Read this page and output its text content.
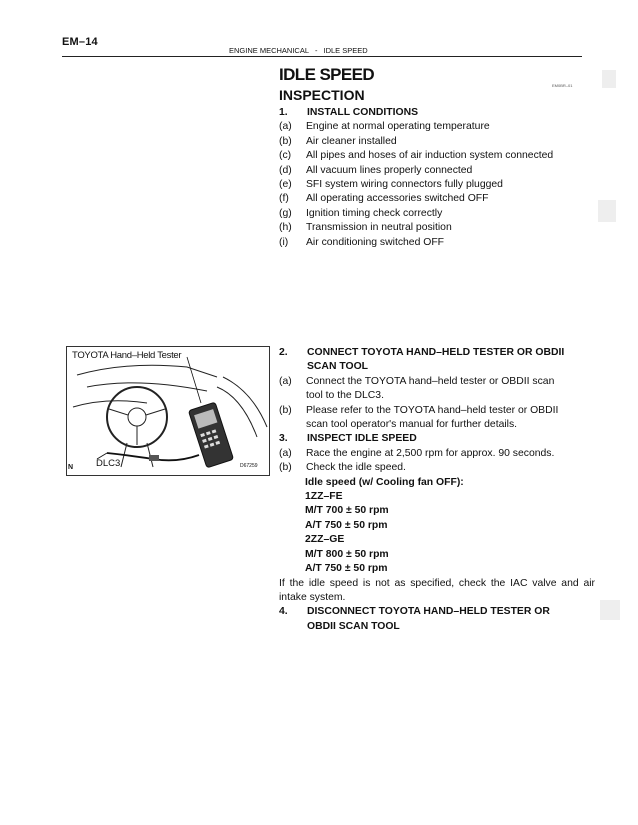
EM–14
ENGINE MECHANICAL - IDLE SPEED
IDLE SPEED
EM0BR–01
INSPECTION
1.	INSTALL CONDITIONS
(a)	Engine at normal operating temperature
(b)	Air cleaner installed
(c)	All pipes and hoses of air induction system connected
(d)	All vacuum lines properly connected
(e)	SFI system wiring connectors fully plugged
(f)	All operating accessories switched OFF
(g)	Ignition timing check correctly
(h)	Transmission in neutral position
(i)	Air conditioning switched OFF
TOYOTA Hand–Held Tester
DLC3
N	D67259
2.	CONNECT TOYOTA HAND–HELD TESTER OR OBDII
SCAN TOOL
(a)	Connect the TOYOTA hand–held tester or OBDII scan
tool to the DLC3.
(b)	Please refer to the TOYOTA hand–held tester or OBDII
scan tool operator's manual for further details.
3.	INSPECT IDLE SPEED
(a)	Race the engine at 2,500 rpm for approx. 90 seconds.
(b)	Check the idle speed.
Idle speed (w/ Cooling fan OFF):
1ZZ–FE
M/T 700 ± 50 rpm
A/T 750 ± 50 rpm
2ZZ–GE
M/T 800 ± 50 rpm
A/T 750 ± 50 rpm
If the idle speed is not as specified, check the IAC valve and air intake system.
4.	DISCONNECT TOYOTA HAND–HELD TESTER OR
OBDII SCAN TOOL
